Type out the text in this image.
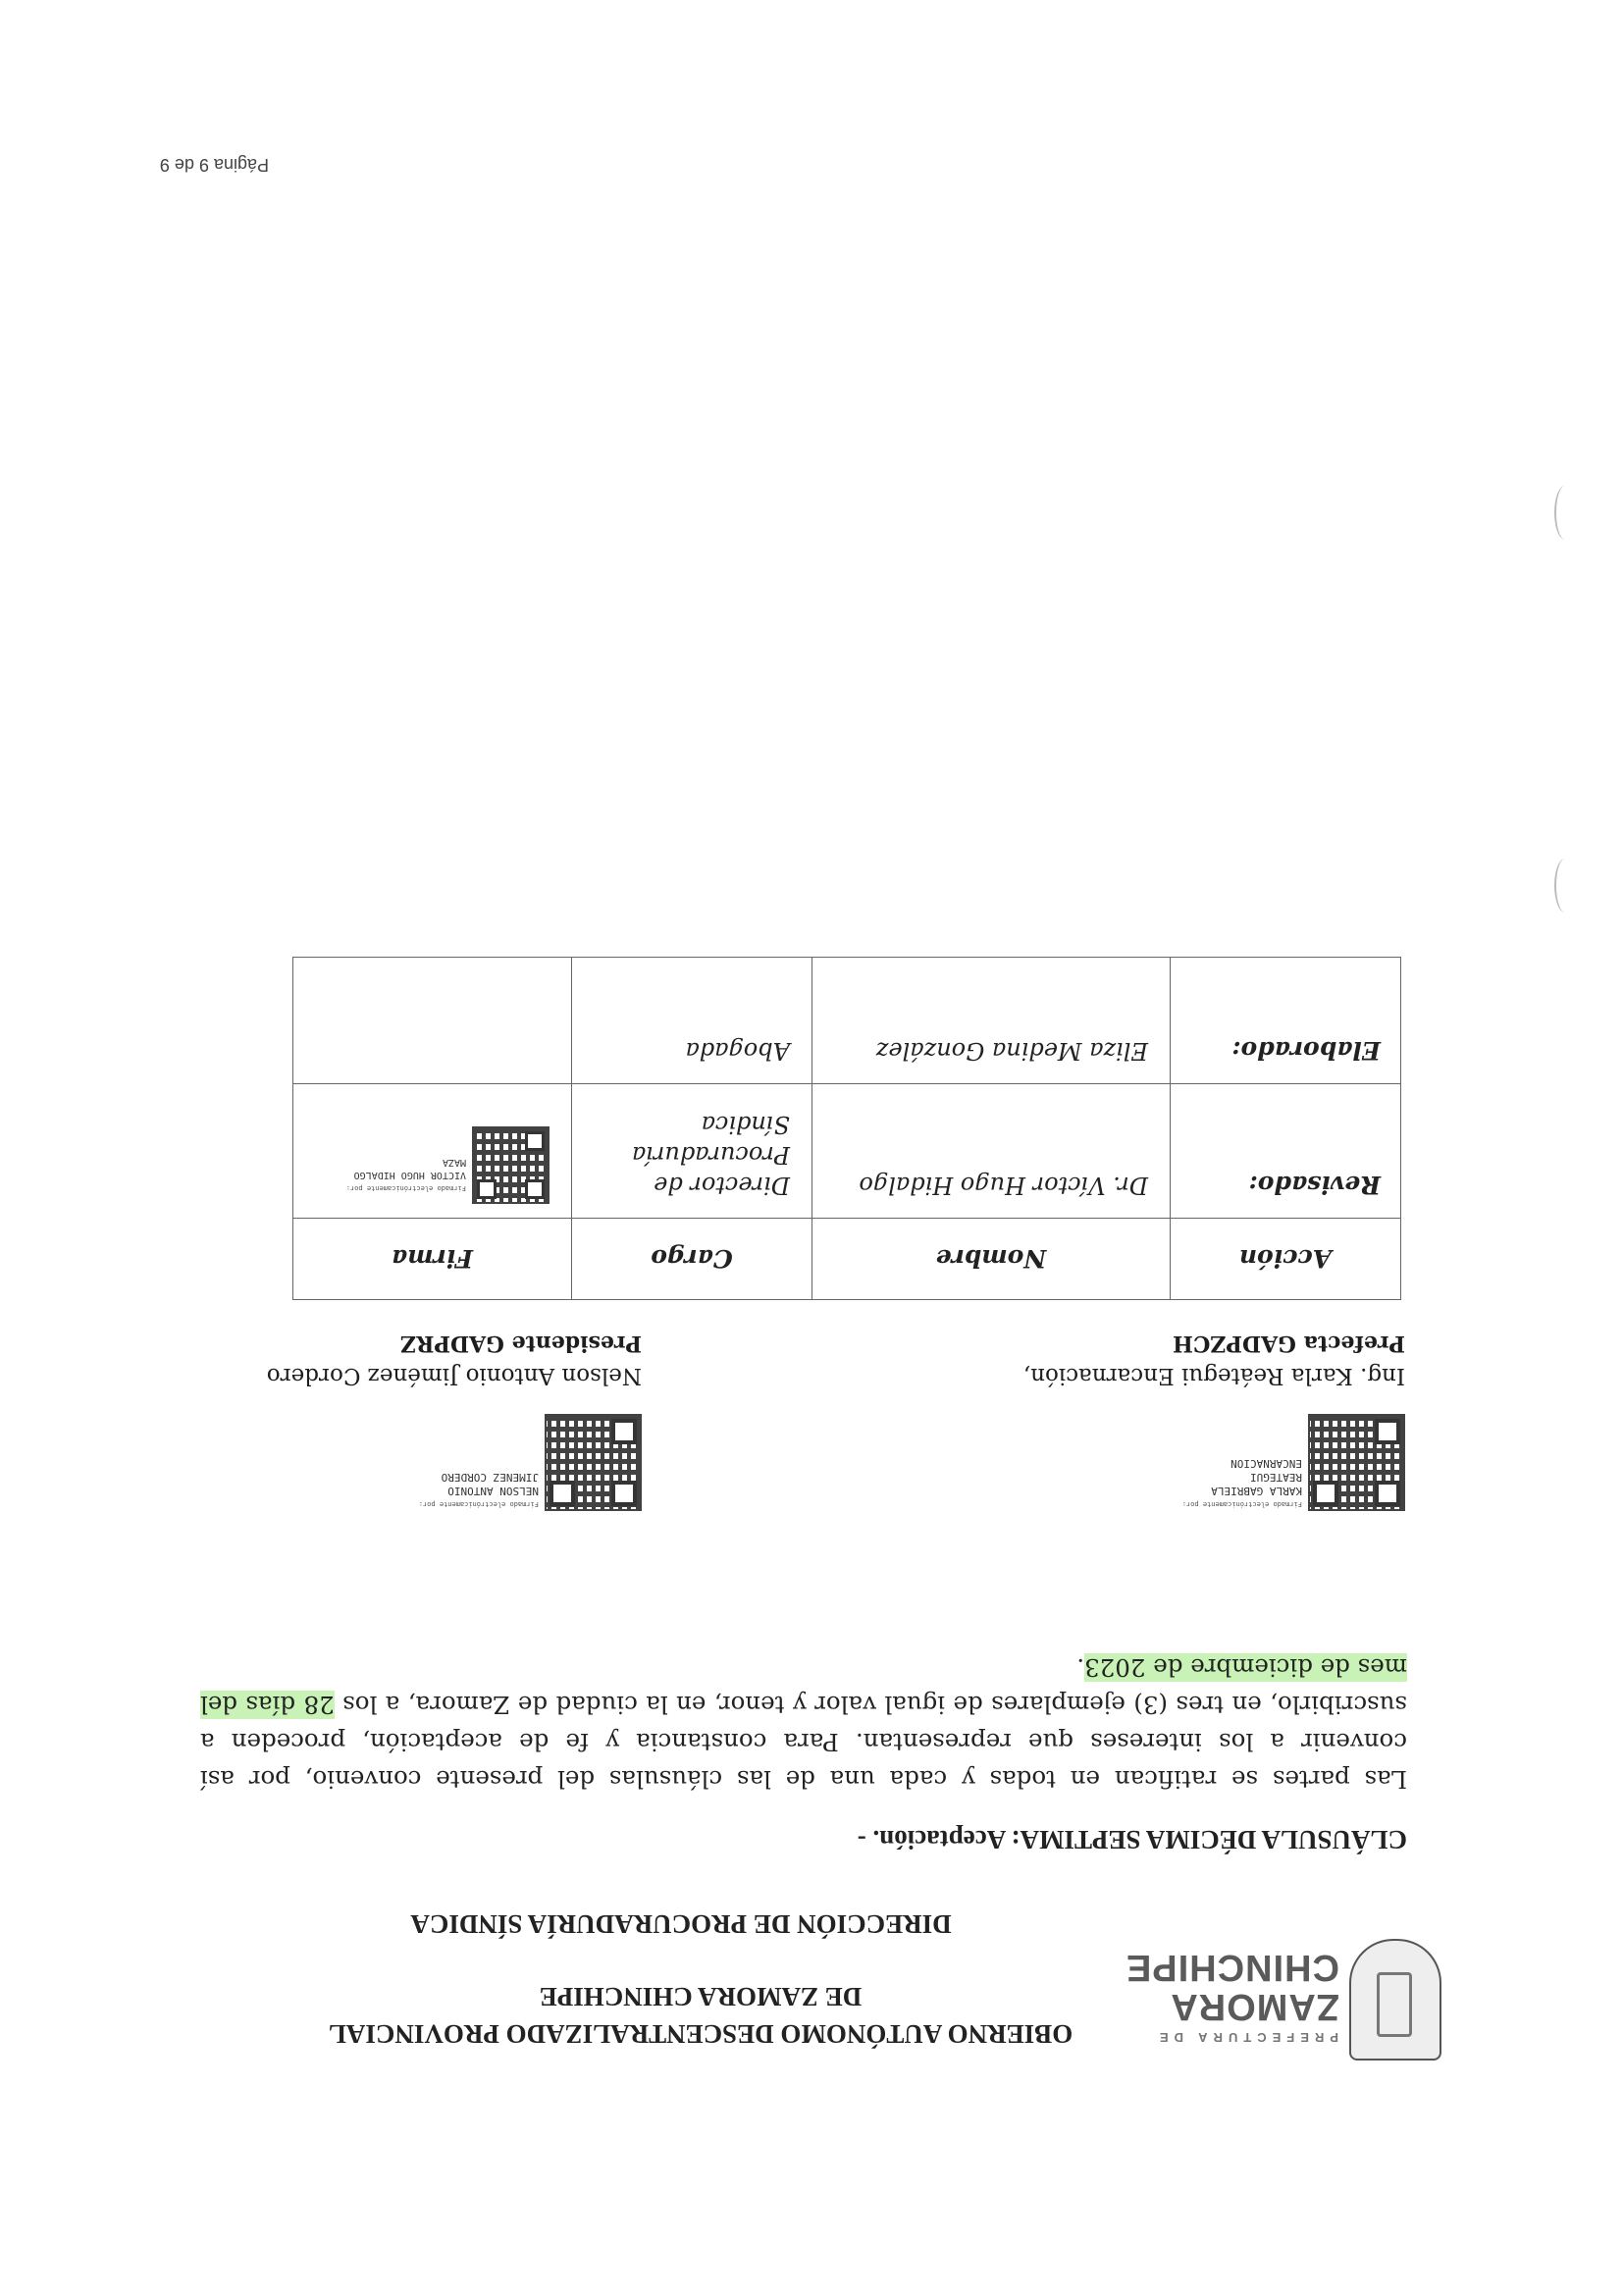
PREFECTURA DE
ZAMORA
CHINCHIPE
OBIERNO AUTÓNOMO DESCENTRALIZADO PROVINCIAL
DE ZAMORA CHINCHIPE
DIRECCIÓN DE PROCURADURÍA SÍNDICA
CLÁUSULA DÉCIMA SEPTIMA: Aceptación. -
Las partes se ratifican en todas y cada una de las cláusulas del presente convenio, por así convenir a los intereses que representan. Para constancia y fe de aceptación, proceden a suscribirlo, en tres (3) ejemplares de igual valor y tenor, en la ciudad de Zamora, a los 28 días del mes de diciembre de 2023.
Firmado electrónicamente por:
KARLA GABRIELA
REATEGUI
ENCARNACION
Ing. Karla Reátegui Encarnación,
Prefecta GADPZCH
Firmado electrónicamente por:
NELSON ANTONIO
JIMENEZ CORDERO
Nelson Antonio Jiménez Cordero
Presidente GADPRZ
Acción	Nombre	Cargo	Firma
Revisado:	Dr. Víctor Hugo Hidalgo	Director de Procuraduría Síndica	Firmado electrónicamente por:
VICTOR HUGO HIDALGO
MAZA

Elaborado:	Eliza Medina González	Abogada	
Página 9 de 9
